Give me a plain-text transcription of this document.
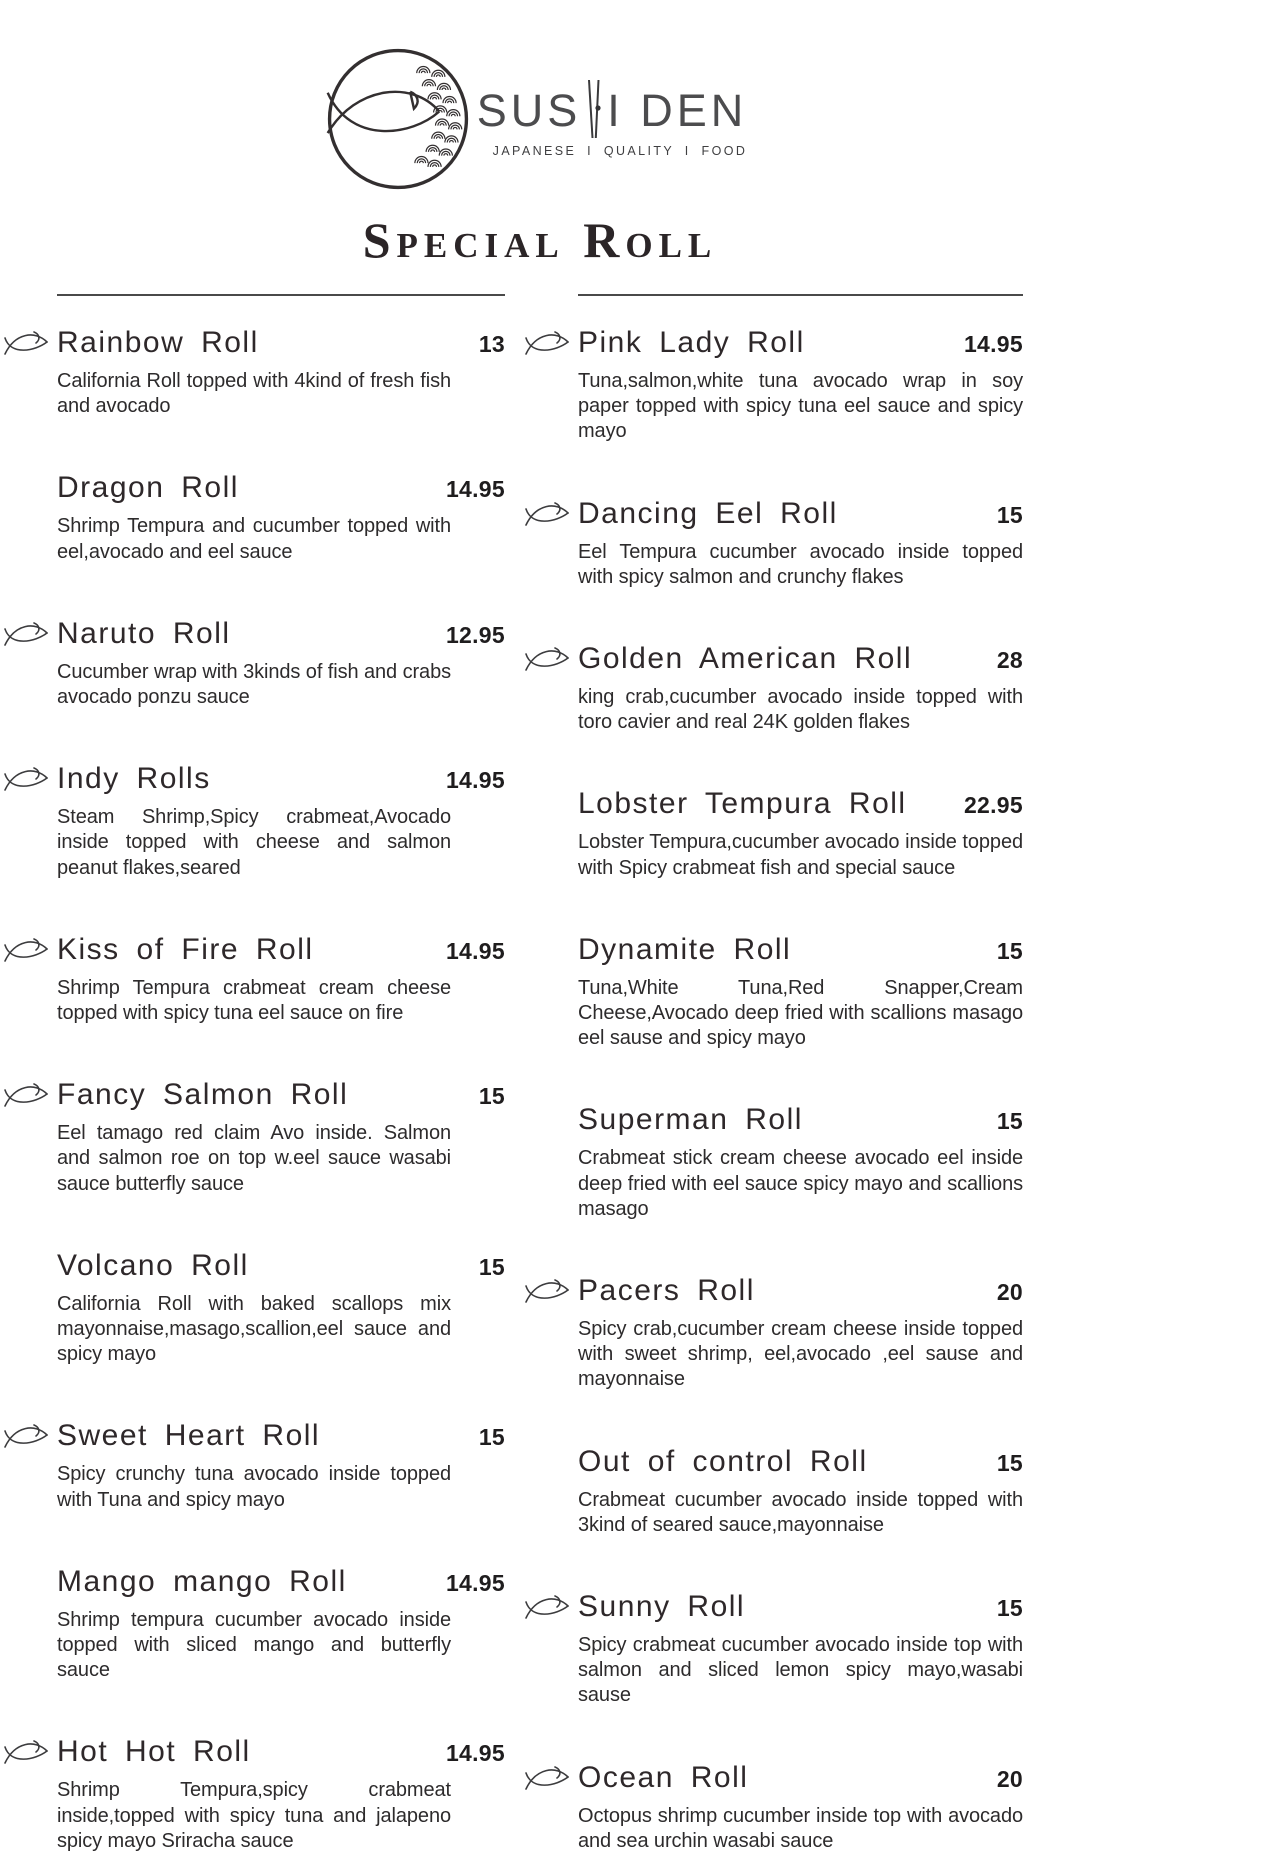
SUS I DEN
JAPANESE I QUALITY I FOOD
Special Roll
Rainbow Roll	13

California Roll topped with 4kind of fresh fish and avocado

Dragon Roll	14.95

Shrimp Tempura and cucumber topped with eel,avocado and eel sauce

Naruto Roll	12.95

Cucumber wrap with 3kinds of fish and crabs avocado ponzu sauce

Indy Rolls	14.95

Steam Shrimp,Spicy crabmeat,Avocado inside topped with cheese and salmon peanut flakes,seared

Kiss of Fire Roll	14.95

Shrimp Tempura crabmeat cream cheese topped with spicy tuna eel sauce on fire

Fancy Salmon Roll	15

Eel tamago red claim Avo inside. Salmon and salmon roe on top w.eel sauce wasabi sauce butterfly sauce

Volcano Roll	15

California Roll with baked scallops mix mayonnaise,masago,scallion,eel sauce and spicy mayo

Sweet Heart Roll	15

Spicy crunchy tuna avocado inside topped with Tuna and spicy mayo

Mango mango Roll	14.95

Shrimp tempura cucumber avocado inside topped with sliced mango and butterfly sauce

Hot Hot Roll	14.95

Shrimp Tempura,spicy crabmeat inside,topped with spicy tuna and jalapeno spicy mayo Sriracha sauce

Pink Lady Roll	14.95

Tuna,salmon,white tuna avocado wrap in soy paper topped with spicy tuna eel sauce and spicy mayo

Dancing Eel Roll	15

Eel Tempura cucumber avocado inside topped with spicy salmon and crunchy flakes

Golden American Roll	28

king crab,cucumber avocado inside topped with toro cavier and real 24K golden flakes

Lobster Tempura Roll	22.95

Lobster Tempura,cucumber avocado inside topped with Spicy crabmeat fish and special sauce

Dynamite Roll	15

Tuna,White Tuna,Red Snapper,Cream Cheese,Avocado deep fried with scallions masago eel sause and spicy mayo

Superman Roll	15

Crabmeat stick cream cheese avocado eel inside deep fried with eel sauce spicy mayo and scallions masago

Pacers Roll	20

Spicy crab,cucumber cream cheese inside topped with sweet shrimp, eel,avocado ,eel sause and mayonnaise

Out of control Roll	15

Crabmeat cucumber avocado inside topped with 3kind of seared sauce,mayonnaise

Sunny Roll	15

Spicy crabmeat cucumber avocado inside top with salmon and sliced lemon spicy mayo,wasabi sause

Ocean Roll	20

Octopus shrimp cucumber inside top with avocado and sea urchin wasabi sauce
